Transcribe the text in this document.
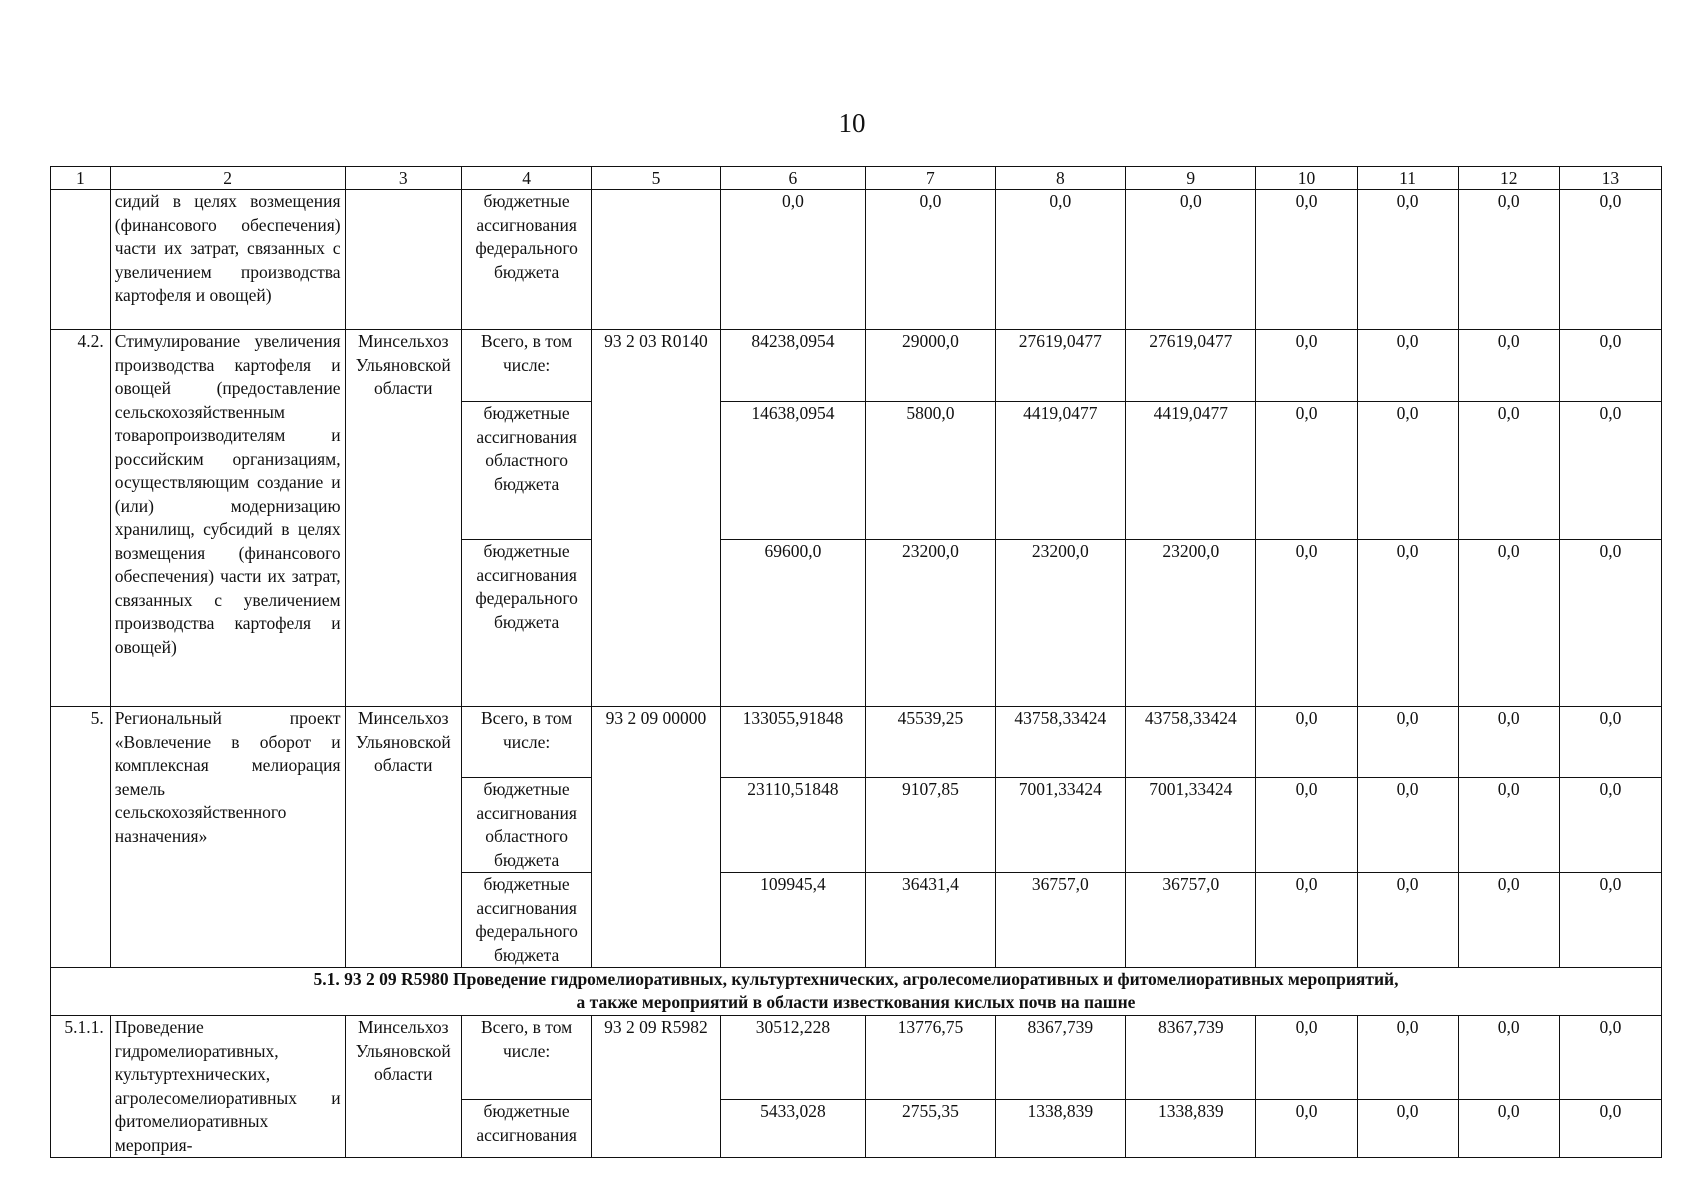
10
1	2	3	4	5	6	7	8	9	10	11	12	13
	сидий в целях возмещения (финансового обеспечения) части их затрат, связанных с увеличением производства картофеля и овощей)		бюджетные ассигнования федерального бюджета		0,0	0,0	0,0	0,0	0,0	0,0	0,0	0,0
4.2.	Стимулирование увеличения производства картофеля и овощей (предоставление сельскохозяйственным товаропроизводителям и российским организациям, осуществляющим создание и (или) модернизацию хранилищ, субсидий в целях возмещения (финансового обеспечения) части их затрат, связанных с увеличением производства картофеля и овощей)	Минсельхоз Ульяновской области	Всего, в том числе:	93 2 03 R0140	84238,0954	29000,0	27619,0477	27619,0477	0,0	0,0	0,0	0,0
			бюджетные ассигнования областного бюджета		14638,0954	5800,0	4419,0477	4419,0477	0,0	0,0	0,0	0,0
			бюджетные ассигнования федерального бюджета		69600,0	23200,0	23200,0	23200,0	0,0	0,0	0,0	0,0
5.	Региональный проект «Вовлечение в оборот и комплексная мелиорация земель сельскохозяйственного назначения»	Минсельхоз Ульяновской области	Всего, в том числе:	93 2 09 00000	133055,91848	45539,25	43758,33424	43758,33424	0,0	0,0	0,0	0,0
			бюджетные ассигнования областного бюджета		23110,51848	9107,85	7001,33424	7001,33424	0,0	0,0	0,0	0,0
			бюджетные ассигнования федерального бюджета		109945,4	36431,4	36757,0	36757,0	0,0	0,0	0,0	0,0

5.1. 93 2 09 R5980 Проведение гидромелиоративных, культуртехнических, агролесомелиоративных и фитомелиоративных мероприятий,
а также мероприятий в области известкования кислых почв на пашне												

5.1.1.	Проведение гидромелиоративных, культуртехнических, агролесомелиоративных и фитомелиоративных мероприя-	Минсельхоз Ульяновской области	Всего, в том числе:	93 2 09 R5982	30512,228	13776,75	8367,739	8367,739	0,0	0,0	0,0	0,0
			бюджетные ассигнования		5433,028	2755,35	1338,839	1338,839	0,0	0,0	0,0	0,0
